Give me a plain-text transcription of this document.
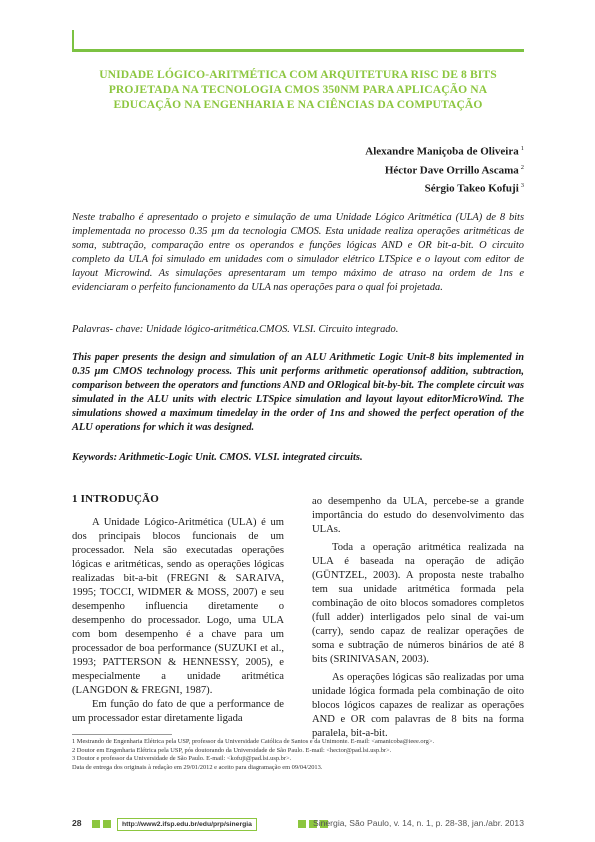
UNIDADE LÓGICO-ARITMÉTICA COM ARQUITETURA RISC DE 8 BITS
PROJETADA NA TECNOLOGIA CMOS 350NM PARA APLICAÇÃO NA
EDUCAÇÃO NA ENGENHARIA E NA CIÊNCIAS DA COMPUTAÇÃO
Alexandre Maniçoba de Oliveira $^1$
Héctor Dave Orrillo Ascama $^2$
Sérgio Takeo Kofuji $^3$
Neste trabalho é apresentado o projeto e simulação de uma Unidade Lógico Aritmética (ULA) de 8 bits implementada no processo 0.35 µm da tecnologia CMOS. Esta unidade realiza operações aritméticas de soma, subtração, comparação entre os operandos e funções lógicas AND e OR bit-a-bit. O circuito completo da ULA foi simulado em unidades com o simulador elétrico LTSpice e o layout com editor de layout Microwind. As simulações apresentaram um tempo máximo de atraso na ordem de 1ns e evidenciaram o perfeito funcionamento da ULA nas operações para o qual foi projetada.
Palavras- chave: Unidade lógico-aritmética.CMOS. VLSI. Circuito integrado.
This paper presents the design and simulation of an ALU Arithmetic Logic Unit-8 bits implemented in 0.35 µm CMOS technology process. This unit performs arithmetic operationsof addition, subtraction, comparison between the operators and functions AND and ORlogical bit-by-bit. The complete circuit was simulated in the ALU units with electric LTSpice simulation and layout layout editorMicroWind. The simulations showed a maximum timedelay in the order of 1ns and showed the perfect operation of the ALU operations for which it was designed.
Keywords: Arithmetic-Logic Unit. CMOS. VLSI. integrated circuits.
1 INTRODUÇÃO

A Unidade Lógico-Aritmética (ULA) é um dos principais blocos funcionais de um processador. Nela são executadas operações lógicas e aritméticas, sendo as operações lógicas realizadas bit-a-bit (FREGNI & SARAIVA, 1995; TOCCI, WIDMER & MOSS, 2007) e seu desempenho influencia diretamente o desempenho do processador. Logo, uma ULA com bom desempenho é a chave para um processador de boa performance (SUZUKI et al., 1993; PATTERSON & HENNESSY, 2005), e mespecialmente a unidade aritmética (LANGDON & FREGNI, 1987).

Em função do fato de que a performance de um processador estar diretamente ligada

ao desempenho da ULA, percebe-se a grande importância do estudo do desenvolvimento das ULAs.

Toda a operação aritmética realizada na ULA é baseada na operação de adição (GÜNTZEL, 2003). A proposta neste trabalho tem sua unidade aritmética formada pela combinação de oito blocos somadores completos (full adder) interligados pelo sinal de vai-um (carry), sendo capaz de realizar operações de soma e subtração de números binários de até 8 bits (SRINIVASAN, 2003).

As operações lógicas são realizadas por uma unidade lógica formada pela combinação de oito blocos lógicos capazes de realizar as operações AND e OR com palavras de 8 bits na forma paralela, bit-a-bit.

1 Mestrando de Engenharia Elétrica pela USP, professor da Universidade Católica de Santos e da Unimonte. E-mail: <amanicoba@ieee.org>.
2 Doutor em Engenharia Elétrica pela USP, pós doutorando da Universidade de São Paulo. E-mail: <hector@pad.lsi.usp.br>.
3 Doutor e professor da Universidade de São Paulo. E-mail: <kofuji@pad.lsi.usp.br>.
Data de entrega dos originais à redação em 29/01/2012 e aceito para diagramação em 09/04/2013.
28	http://www2.ifsp.edu.br/edu/prp/sinergia	Sinergia, São Paulo, v. 14, n. 1, p. 28-38, jan./abr. 2013
